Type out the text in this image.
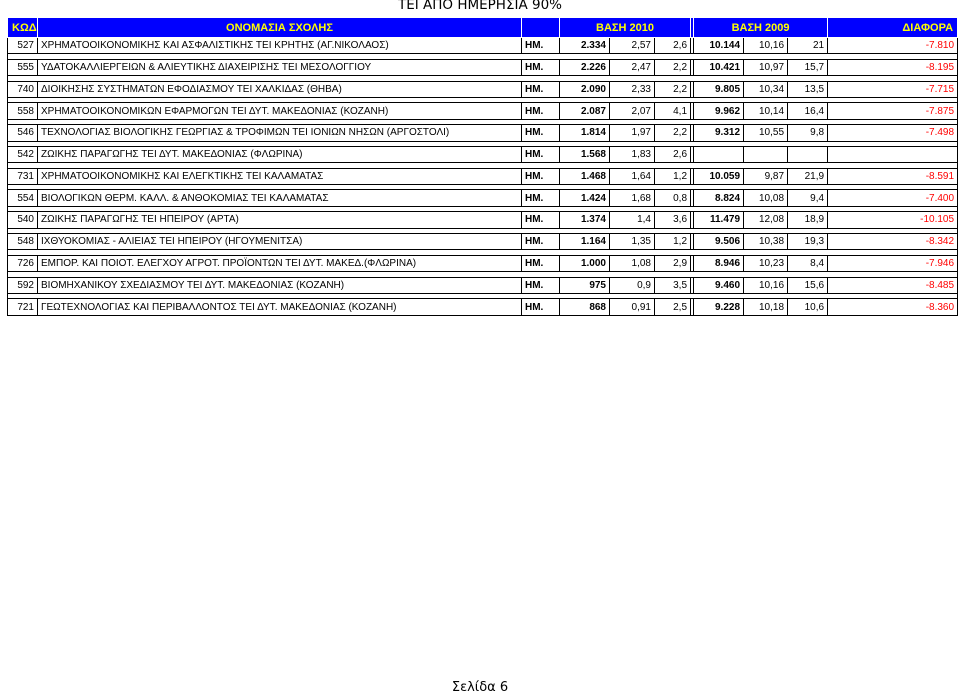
ΤΕΙ ΑΠΟ ΗΜΕΡΗΣΙΑ 90%
ΚΩΔ	ΟΝΟΜΑΣΙΑ ΣΧΟΛΗΣ		ΒΑΣΗ 2010				ΒΑΣΗ 2009			ΔΙΑΦΟΡΑ
527	ΧΡΗΜΑΤΟΟΙΚΟΝΟΜΙΚΗΣ ΚΑΙ ΑΣΦΑΛΙΣΤΙΚΗΣ ΤΕΙ ΚΡΗΤΗΣ (ΑΓ.ΝΙΚΟΛΑΟΣ)	ΗΜ.	2.334	2,57	2,6		10.144	10,16	21	-7.810

555	ΥΔΑΤΟΚΑΛΛΙΕΡΓΕΙΩΝ & ΑΛΙΕΥΤΙΚΗΣ ΔΙΑΧΕΙΡΙΣΗΣ ΤΕΙ ΜΕΣΟΛΟΓΓΙΟΥ	ΗΜ.	2.226	2,47	2,2		10.421	10,97	15,7	-8.195

740	ΔΙΟΙΚΗΣΗΣ ΣΥΣΤΗΜΑΤΩΝ ΕΦΟΔΙΑΣΜΟΥ ΤΕΙ ΧΑΛΚΙΔΑΣ (ΘΗΒΑ)	ΗΜ.	2.090	2,33	2,2		9.805	10,34	13,5	-7.715

558	ΧΡΗΜΑΤΟΟΙΚΟΝΟΜΙΚΩΝ ΕΦΑΡΜΟΓΩΝ ΤΕΙ ΔΥΤ. ΜΑΚΕΔΟΝΙΑΣ (ΚΟΖΑΝΗ)	ΗΜ.	2.087	2,07	4,1		9.962	10,14	16,4	-7.875

546	ΤΕΧΝΟΛΟΓΙΑΣ ΒΙΟΛΟΓΙΚΗΣ ΓΕΩΡΓΙΑΣ & ΤΡΟΦΙΜΩΝ ΤΕΙ ΙΟΝΙΩΝ ΝΗΣΩΝ (ΑΡΓΟΣΤΟΛΙ)	ΗΜ.	1.814	1,97	2,2		9.312	10,55	9,8	-7.498

542	ΖΩΙΚΗΣ ΠΑΡΑΓΩΓΗΣ ΤΕΙ ΔΥΤ. ΜΑΚΕΔΟΝΙΑΣ (ΦΛΩΡΙΝΑ)	ΗΜ.	1.568	1,83	2,6					

731	ΧΡΗΜΑΤΟΟΙΚΟΝΟΜΙΚΗΣ ΚΑΙ ΕΛΕΓΚΤΙΚΗΣ ΤΕΙ ΚΑΛΑΜΑΤΑΣ	ΗΜ.	1.468	1,64	1,2		10.059	9,87	21,9	-8.591

554	ΒΙΟΛΟΓΙΚΩΝ ΘΕΡΜ. ΚΑΛΛ. & ΑΝΘΟΚΟΜΙΑΣ ΤΕΙ ΚΑΛΑΜΑΤΑΣ	ΗΜ.	1.424	1,68	0,8		8.824	10,08	9,4	-7.400

540	ΖΩΙΚΗΣ ΠΑΡΑΓΩΓΗΣ ΤΕΙ ΗΠΕΙΡΟΥ (ΑΡΤΑ)	ΗΜ.	1.374	1,4	3,6		11.479	12,08	18,9	-10.105

548	ΙΧΘΥΟΚΟΜΙΑΣ - ΑΛΙΕΙΑΣ ΤΕΙ ΗΠΕΙΡΟΥ (ΗΓΟΥΜΕΝΙΤΣΑ)	ΗΜ.	1.164	1,35	1,2		9.506	10,38	19,3	-8.342

726	ΕΜΠΟΡ. ΚΑΙ ΠΟΙΟΤ. ΕΛΕΓΧΟΥ ΑΓΡΟΤ. ΠΡΟΪΟΝΤΩΝ ΤΕΙ ΔΥΤ. ΜΑΚΕΔ.(ΦΛΩΡΙΝΑ)	ΗΜ.	1.000	1,08	2,9		8.946	10,23	8,4	-7.946

592	ΒΙΟΜΗΧΑΝΙΚΟΥ ΣΧΕΔΙΑΣΜΟΥ ΤΕΙ ΔΥΤ. ΜΑΚΕΔΟΝΙΑΣ (ΚΟΖΑΝΗ)	ΗΜ.	975	0,9	3,5		9.460	10,16	15,6	-8.485

721	ΓΕΩΤΕΧΝΟΛΟΓΙΑΣ ΚΑΙ ΠΕΡΙΒΑΛΛΟΝΤΟΣ ΤΕΙ ΔΥΤ. ΜΑΚΕΔΟΝΙΑΣ (ΚΟΖΑΝΗ)	ΗΜ.	868	0,91	2,5		9.228	10,18	10,6	-8.360
Σελίδα 6
